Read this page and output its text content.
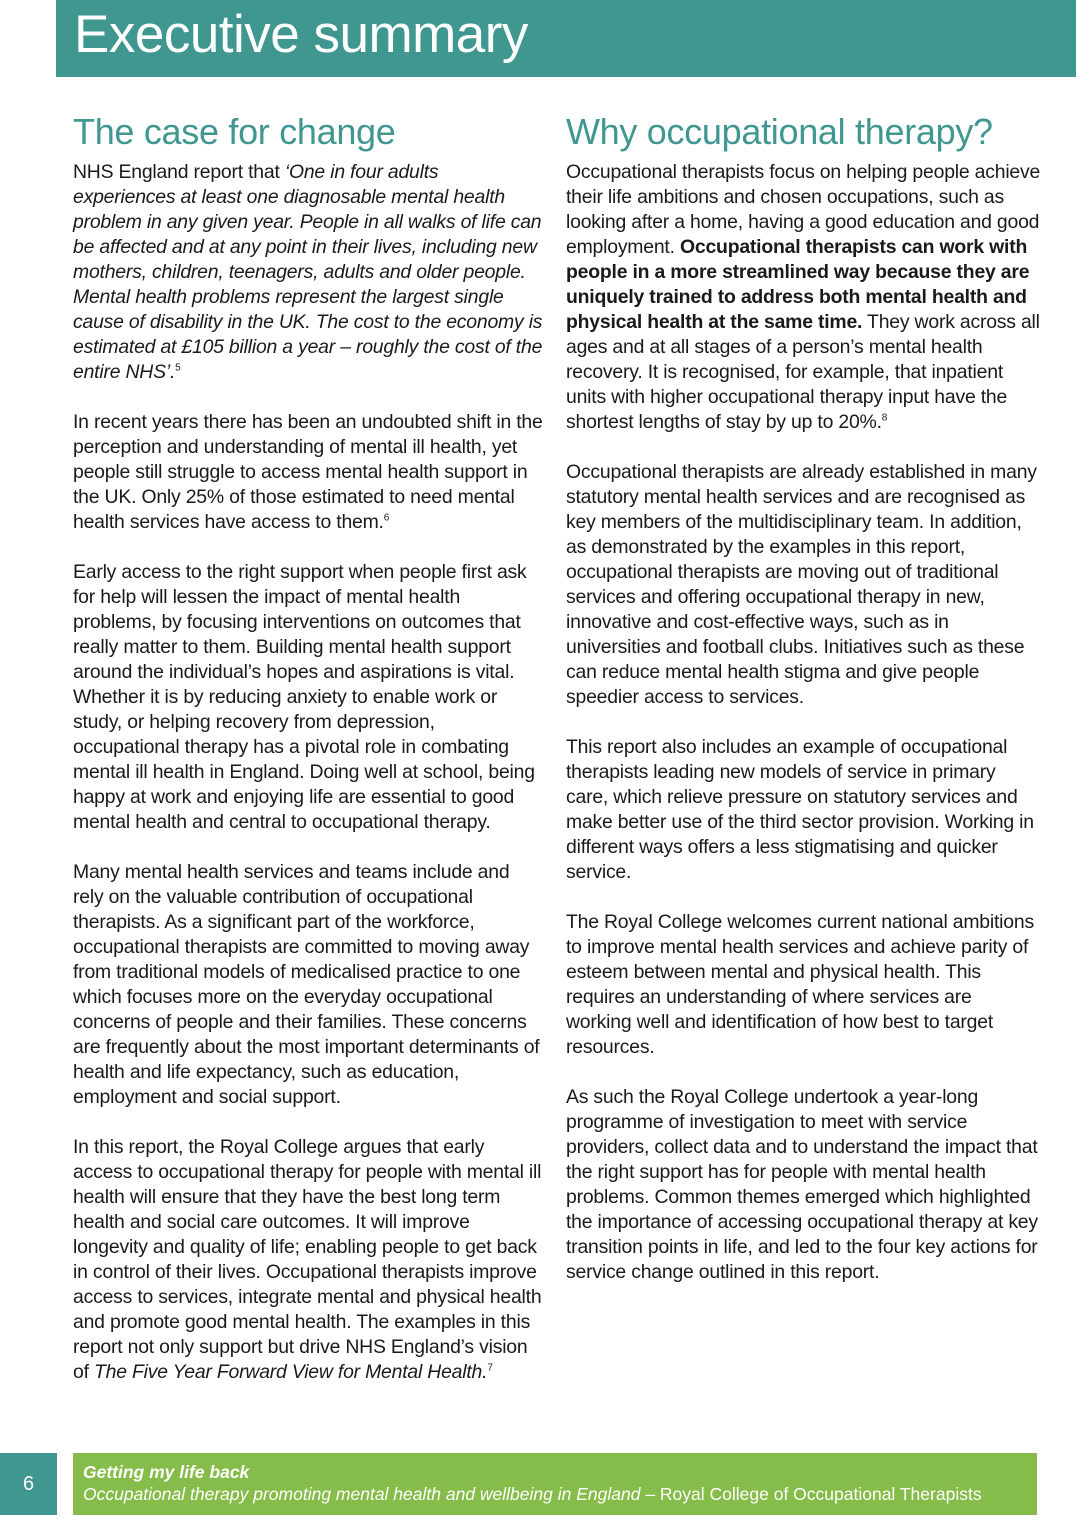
Executive summary
The case for change

NHS England report that ‘One in four adults experiences at least one diagnosable mental health problem in any given year. People in all walks of life can be affected and at any point in their lives, including new mothers, children, teenagers, adults and older people. Mental health problems represent the largest single cause of disability in the UK. The cost to the economy is estimated at £105 billion a year – roughly the cost of the entire NHS’.$^5$

In recent years there has been an undoubted shift in the perception and understanding of mental ill health, yet people still struggle to access mental health support in the UK. Only 25% of those estimated to need mental health services have access to them.$^6$

Early access to the right support when people first ask for help will lessen the impact of mental health problems, by focusing interventions on outcomes that really matter to them. Building mental health support around the individual’s hopes and aspirations is vital. Whether it is by reducing anxiety to enable work or study, or helping recovery from depression, occupational therapy has a pivotal role in combating mental ill health in England. Doing well at school, being happy at work and enjoying life are essential to good mental health and central to occupational therapy.

Many mental health services and teams include and rely on the valuable contribution of occupational therapists. As a significant part of the workforce, occupational therapists are committed to moving away from traditional models of medicalised practice to one which focuses more on the everyday occupational concerns of people and their families. These concerns are frequently about the most important determinants of health and life expectancy, such as education, employment and social support.

In this report, the Royal College argues that early access to occupational therapy for people with mental ill health will ensure that they have the best long term health and social care outcomes. It will improve longevity and quality of life; enabling people to get back in control of their lives. Occupational therapists improve access to services, integrate mental and physical health and promote good mental health. The examples in this report not only support but drive NHS England’s vision of The Five Year Forward View for Mental Health.$^7$

Why occupational therapy?

Occupational therapists focus on helping people achieve their life ambitions and chosen occupations, such as looking after a home, having a good education and good employment. Occupational therapists can work with people in a more streamlined way because they are uniquely trained to address both mental health and physical health at the same time. They work across all ages and at all stages of a person’s mental health recovery. It is recognised, for example, that inpatient units with higher occupational therapy input have the shortest lengths of stay by up to 20%.$^8$

Occupational therapists are already established in many statutory mental health services and are recognised as key members of the multidisciplinary team. In addition, as demonstrated by the examples in this report, occupational therapists are moving out of traditional services and offering occupational therapy in new, innovative and cost-effective ways, such as in universities and football clubs. Initiatives such as these can reduce mental health stigma and give people speedier access to services.

This report also includes an example of occupational therapists leading new models of service in primary care, which relieve pressure on statutory services and make better use of the third sector provision. Working in different ways offers a less stigmatising and quicker service.

The Royal College welcomes current national ambitions to improve mental health services and achieve parity of esteem between mental and physical health. This requires an understanding of where services are working well and identification of how best to target resources.

As such the Royal College undertook a year-long programme of investigation to meet with service providers, collect data and to understand the impact that the right support has for people with mental health problems. Common themes emerged which highlighted the importance of accessing occupational therapy at key transition points in life, and led to the four key actions for service change outlined in this report.

6
Getting my life back
Occupational therapy promoting mental health and wellbeing in England – Royal College of Occupational Therapists
